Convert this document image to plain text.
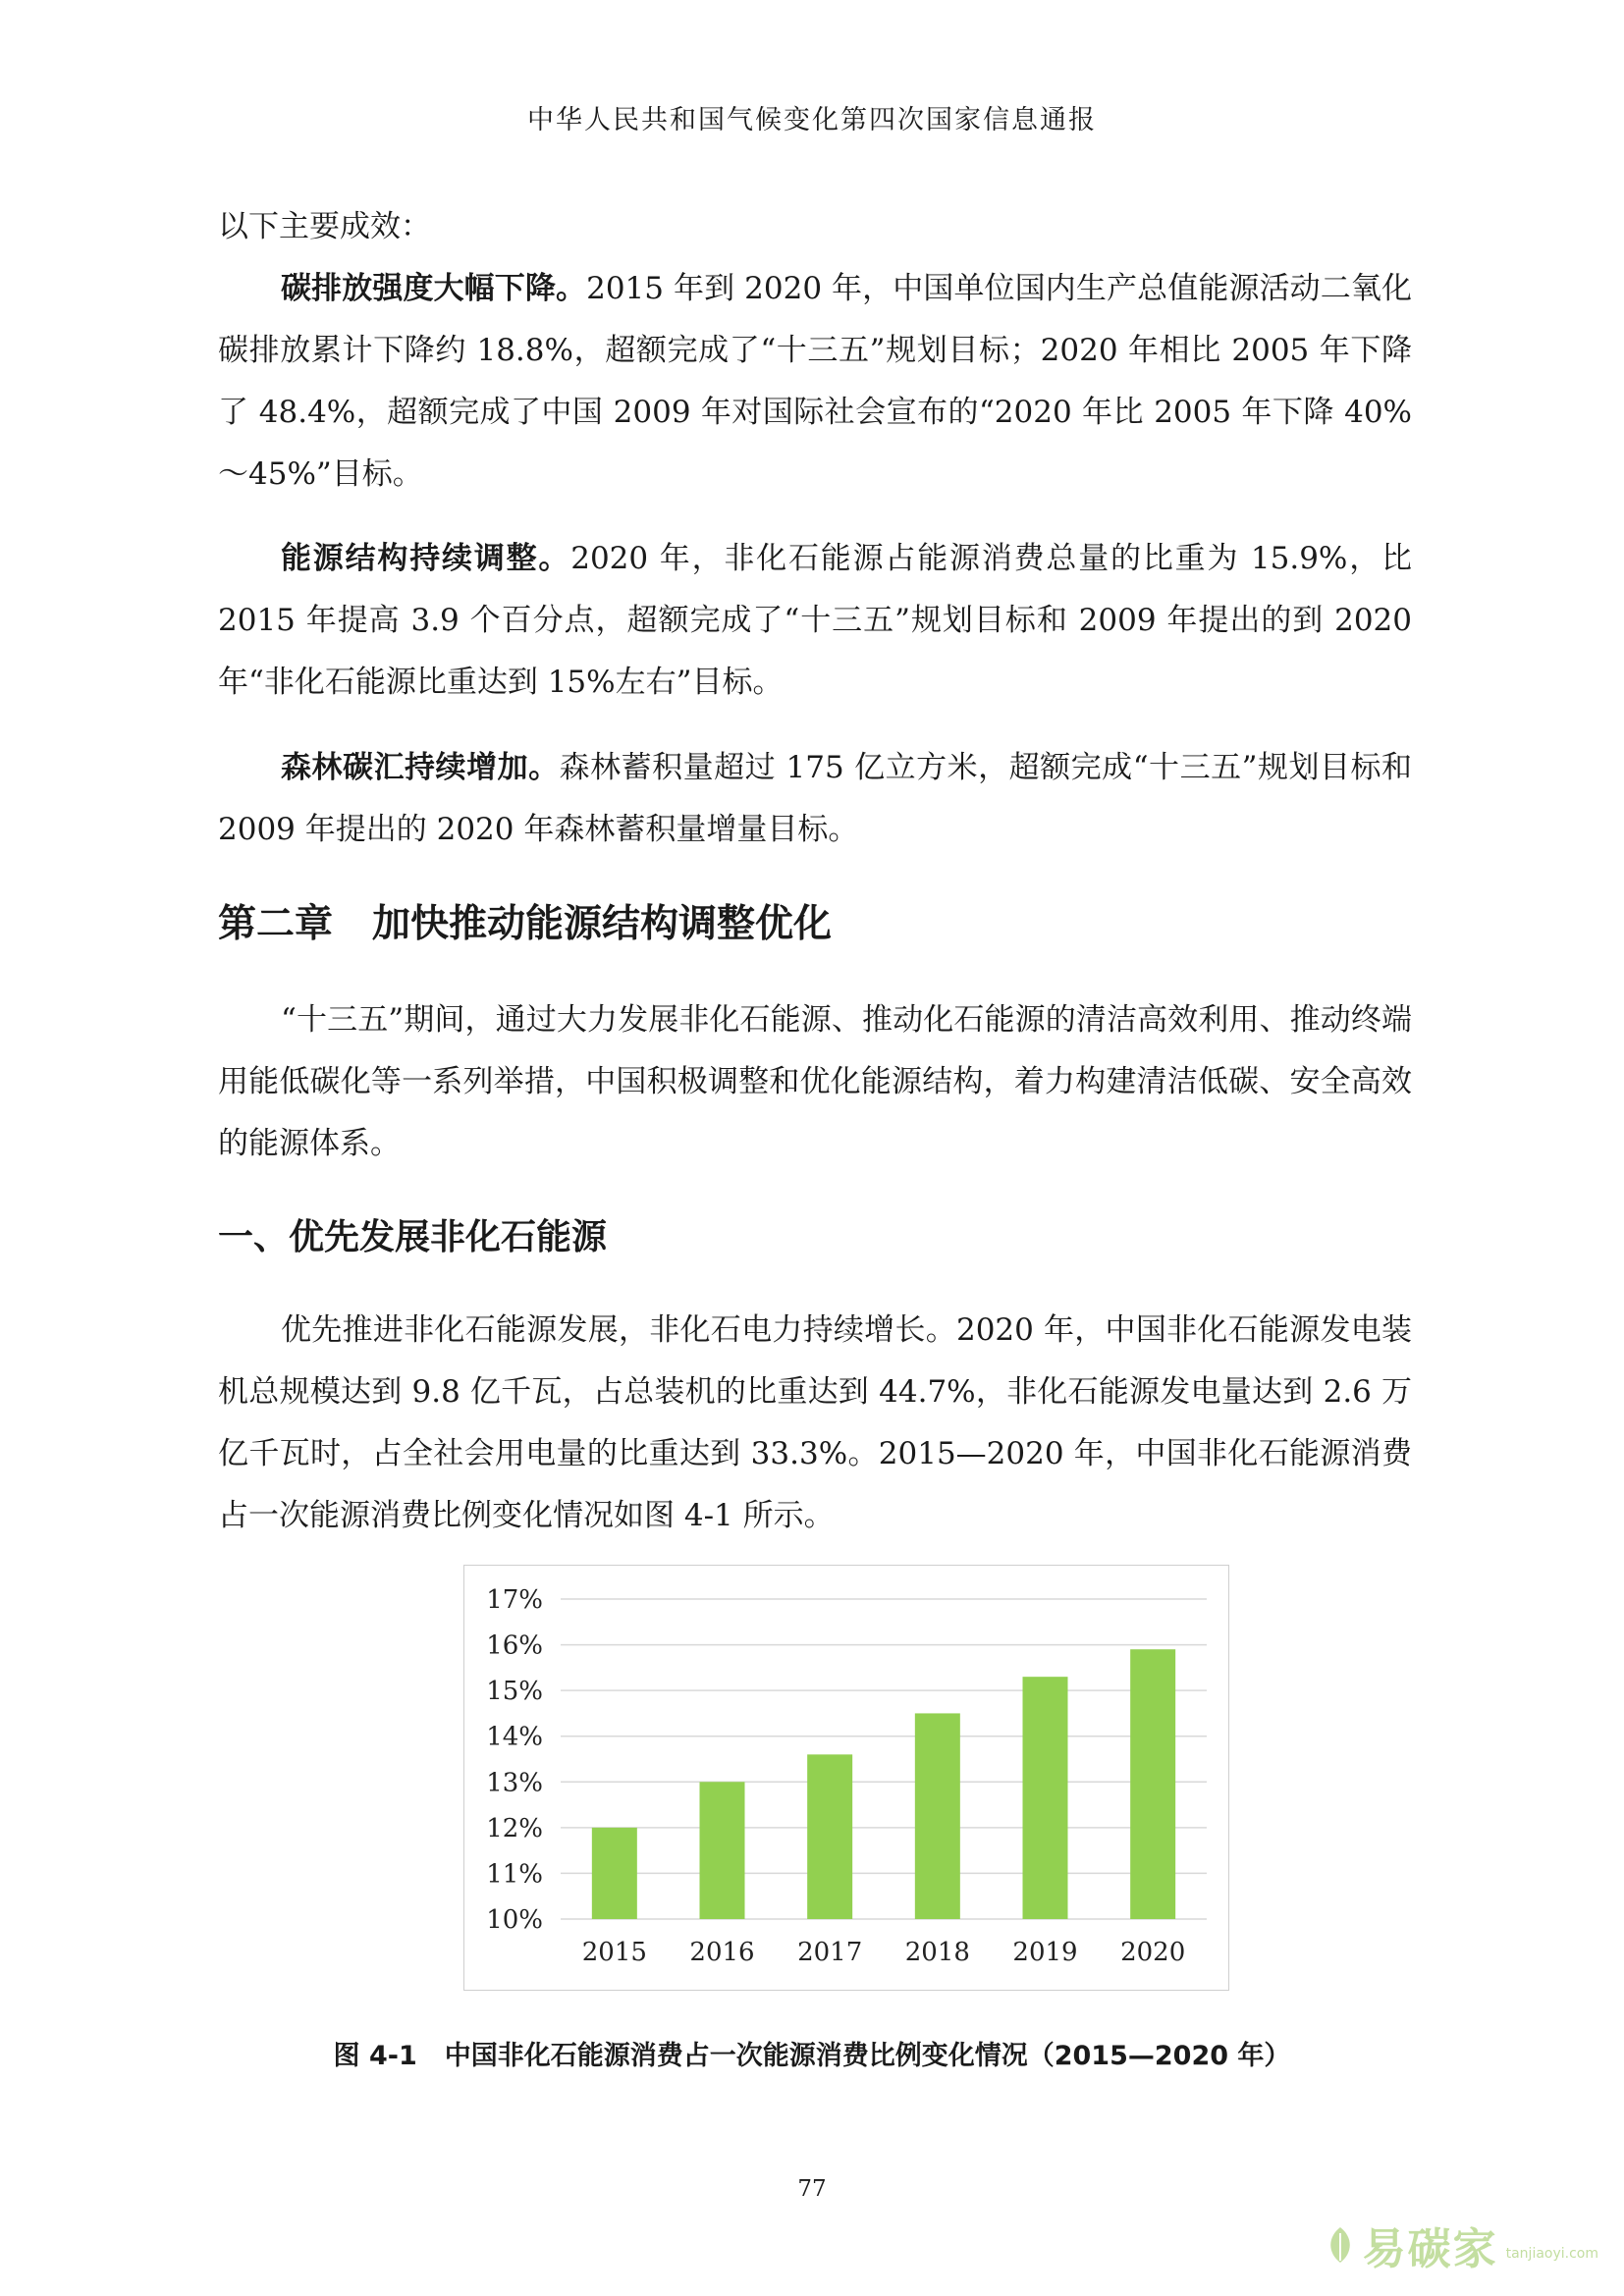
中华人民共和国气候变化第四次国家信息通报

以下主要成效：

碳排放强度大幅下降。2015 年到 2020 年，中国单位国内生产总值能源活动二氧化碳排放累计下降约 18.8%，超额完成了“十三五”规划目标；2020 年相比 2005 年下降了 48.4%，超额完成了中国 2009 年对国际社会宣布的“2020 年比 2005 年下降 40%～45%”目标。

能源结构持续调整。2020 年，非化石能源占能源消费总量的比重为 15.9%，比 2015 年提高 3.9 个百分点，超额完成了“十三五”规划目标和 2009 年提出的到 2020 年“非化石能源比重达到 15%左右”目标。

森林碳汇持续增加。森林蓄积量超过 175 亿立方米，超额完成“十三五”规划目标和 2009 年提出的 2020 年森林蓄积量增量目标。

第二章 加快推动能源结构调整优化

“十三五”期间，通过大力发展非化石能源、推动化石能源的清洁高效利用、推动终端用能低碳化等一系列举措，中国积极调整和优化能源结构，着力构建清洁低碳、安全高效的能源体系。

一、优先发展非化石能源

优先推进非化石能源发展，非化石电力持续增长。2020 年，中国非化石能源发电装机总规模达到 9.8 亿千瓦，占总装机的比重达到 44.7%，非化石能源发电量达到 2.6 万亿千瓦时，占全社会用电量的比重达到 33.3%。2015—2020 年，中国非化石能源消费占一次能源消费比例变化情况如图 4-1 所示。

10%
11%
12%
13%
14%
15%
16%
17%
2015 2016 2017 2018 2019 2020
图 4-1 中国非化石能源消费占一次能源消费比例变化情况（2015—2020 年）
77
易碳家 tanjiaoyi.com
